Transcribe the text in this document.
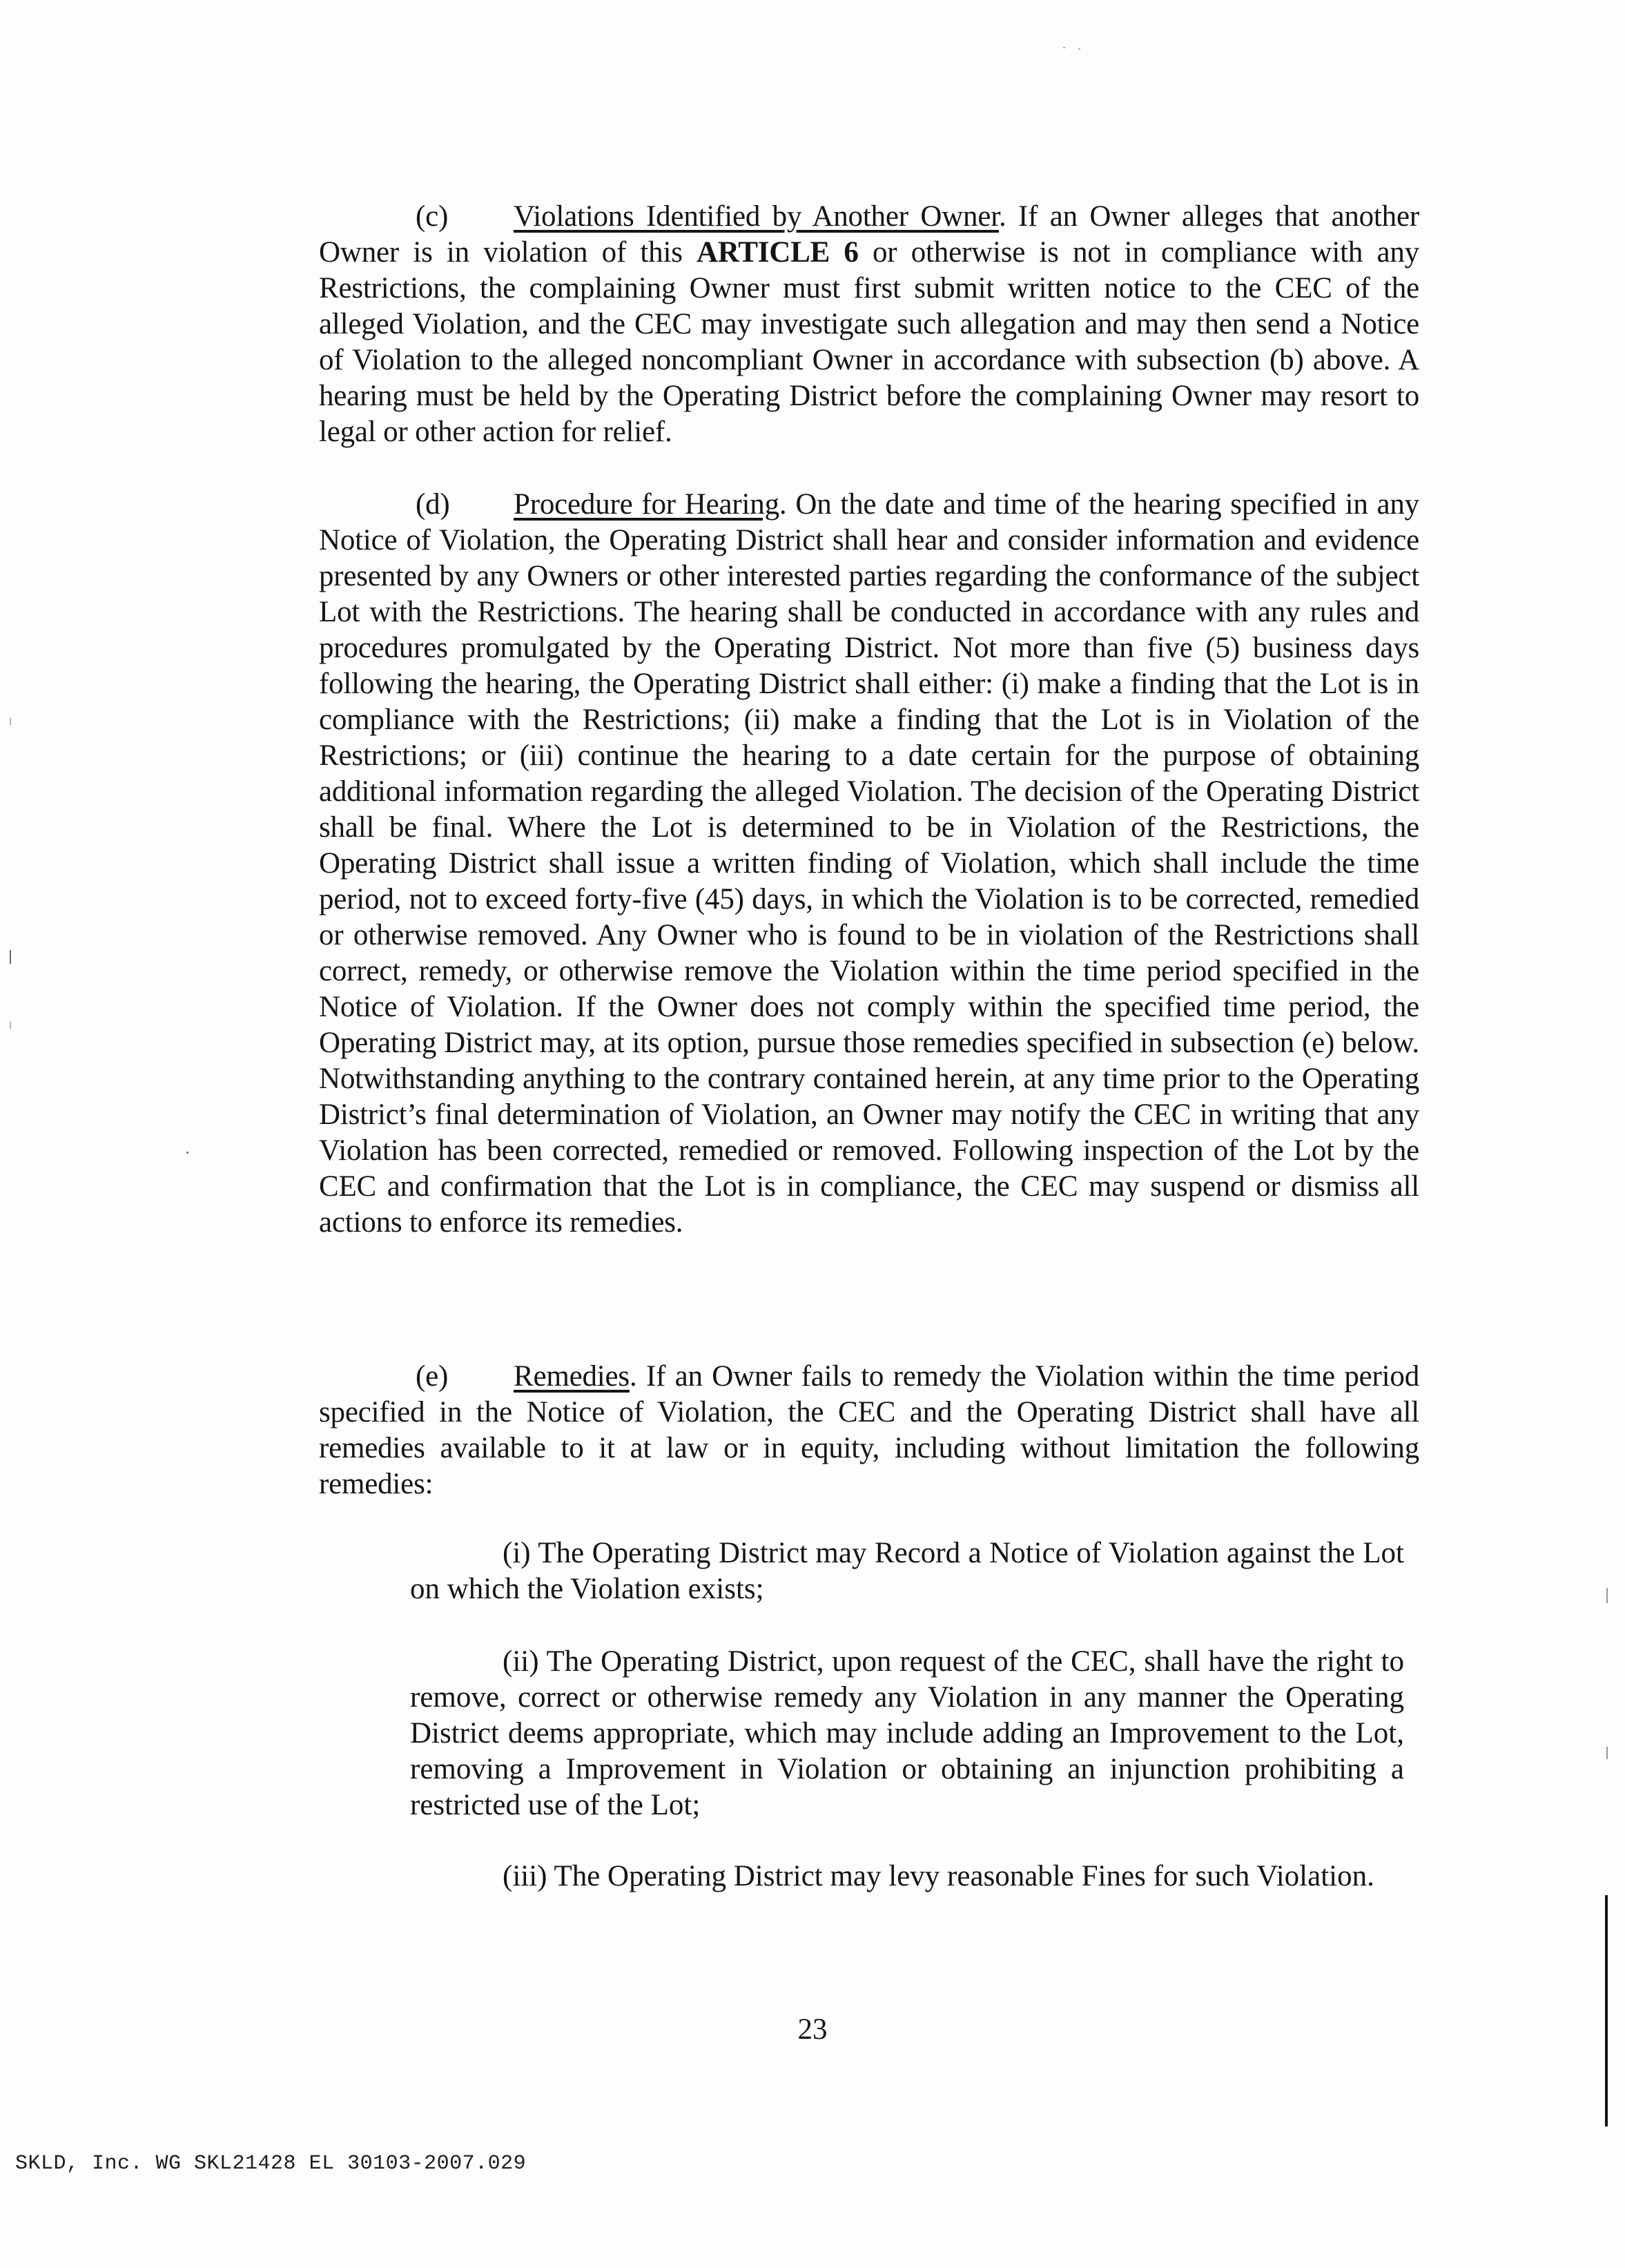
(c) Violations Identified by Another Owner. If an Owner alleges that another Owner is in violation of this ARTICLE 6 or otherwise is not in compliance with any Restrictions, the complaining Owner must first submit written notice to the CEC of the alleged Violation, and the CEC may investigate such allegation and may then send a Notice of Violation to the alleged noncompliant Owner in accordance with subsection (b) above. A hearing must be held by the Operating District before the complaining Owner may resort to legal or other action for relief.

(d) Procedure for Hearing. On the date and time of the hearing specified in any Notice of Violation, the Operating District shall hear and consider information and evidence presented by any Owners or other interested parties regarding the conformance of the subject Lot with the Restrictions. The hearing shall be conducted in accordance with any rules and procedures promulgated by the Operating District. Not more than five (5) business days following the hearing, the Operating District shall either: (i) make a finding that the Lot is in compliance with the Restrictions; (ii) make a finding that the Lot is in Violation of the Restrictions; or (iii) continue the hearing to a date certain for the purpose of obtaining additional information regarding the alleged Violation. The decision of the Operating District shall be final. Where the Lot is determined to be in Violation of the Restrictions, the Operating District shall issue a written finding of Violation, which shall include the time period, not to exceed forty-five (45) days, in which the Violation is to be corrected, remedied or otherwise removed. Any Owner who is found to be in violation of the Restrictions shall correct, remedy, or otherwise remove the Violation within the time period specified in the Notice of Violation. If the Owner does not comply within the specified time period, the Operating District may, at its option, pursue those remedies specified in subsection (e) below. Notwithstanding anything to the contrary contained herein, at any time prior to the Operating District’s final determination of Violation, an Owner may notify the CEC in writing that any Violation has been corrected, remedied or removed. Following inspection of the Lot by the CEC and confirmation that the Lot is in compliance, the CEC may suspend or dismiss all actions to enforce its remedies.

(e) Remedies. If an Owner fails to remedy the Violation within the time period specified in the Notice of Violation, the CEC and the Operating District shall have all remedies available to it at law or in equity, including without limitation the following remedies:

(i) The Operating District may Record a Notice of Violation against the Lot on which the Violation exists;

(ii) The Operating District, upon request of the CEC, shall have the right to remove, correct or otherwise remedy any Violation in any manner the Operating District deems appropriate, which may include adding an Improvement to the Lot, removing a Improvement in Violation or obtaining an injunction prohibiting a restricted use of the Lot;

(iii) The Operating District may levy reasonable Fines for such Violation.

23
SKLD, Inc. WG SKL21428 EL 30103-2007.029
